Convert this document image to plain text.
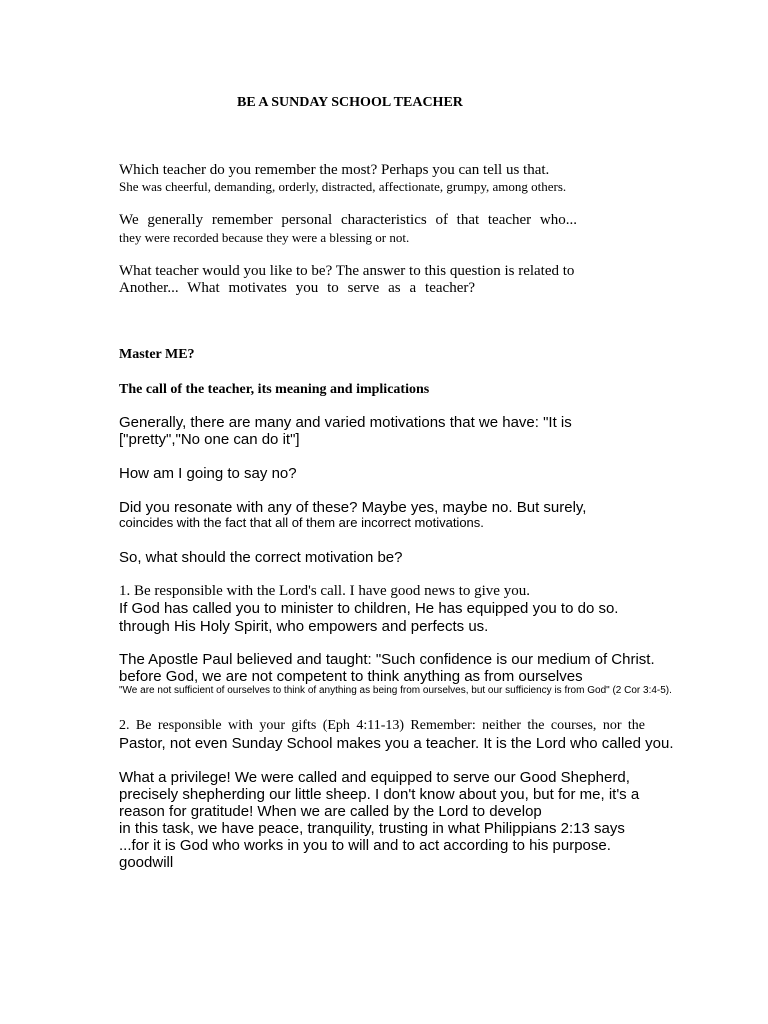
BE A SUNDAY SCHOOL TEACHER
Which teacher do you remember the most? Perhaps you can tell us that.
She was cheerful, demanding, orderly, distracted, affectionate, grumpy, among others.
We generally remember personal characteristics of that teacher who...
they were recorded because they were a blessing or not.
What teacher would you like to be? The answer to this question is related to
Another... What motivates you to serve as a teacher?
Master ME?
The call of the teacher, its meaning and implications
Generally, there are many and varied motivations that we have: "It is
["pretty","No one can do it"]
How am I going to say no?
Did you resonate with any of these? Maybe yes, maybe no. But surely,
coincides with the fact that all of them are incorrect motivations.
So, what should the correct motivation be?
1. Be responsible with the Lord's call. I have good news to give you.
If God has called you to minister to children, He has equipped you to do so.
through His Holy Spirit, who empowers and perfects us.
The Apostle Paul believed and taught: "Such confidence is our medium of Christ.
before God, we are not competent to think anything as from ourselves
"We are not sufficient of ourselves to think of anything as being from ourselves, but our sufficiency is from God" (2 Cor 3:4-5).
2. Be responsible with your gifts (Eph 4:11-13) Remember: neither the courses, nor the
Pastor, not even Sunday School makes you a teacher. It is the Lord who called you.
What a privilege! We were called and equipped to serve our Good Shepherd,
precisely shepherding our little sheep. I don't know about you, but for me, it's a
reason for gratitude! When we are called by the Lord to develop
in this task, we have peace, tranquility, trusting in what Philippians 2:13 says
...for it is God who works in you to will and to act according to his purpose.
goodwill
